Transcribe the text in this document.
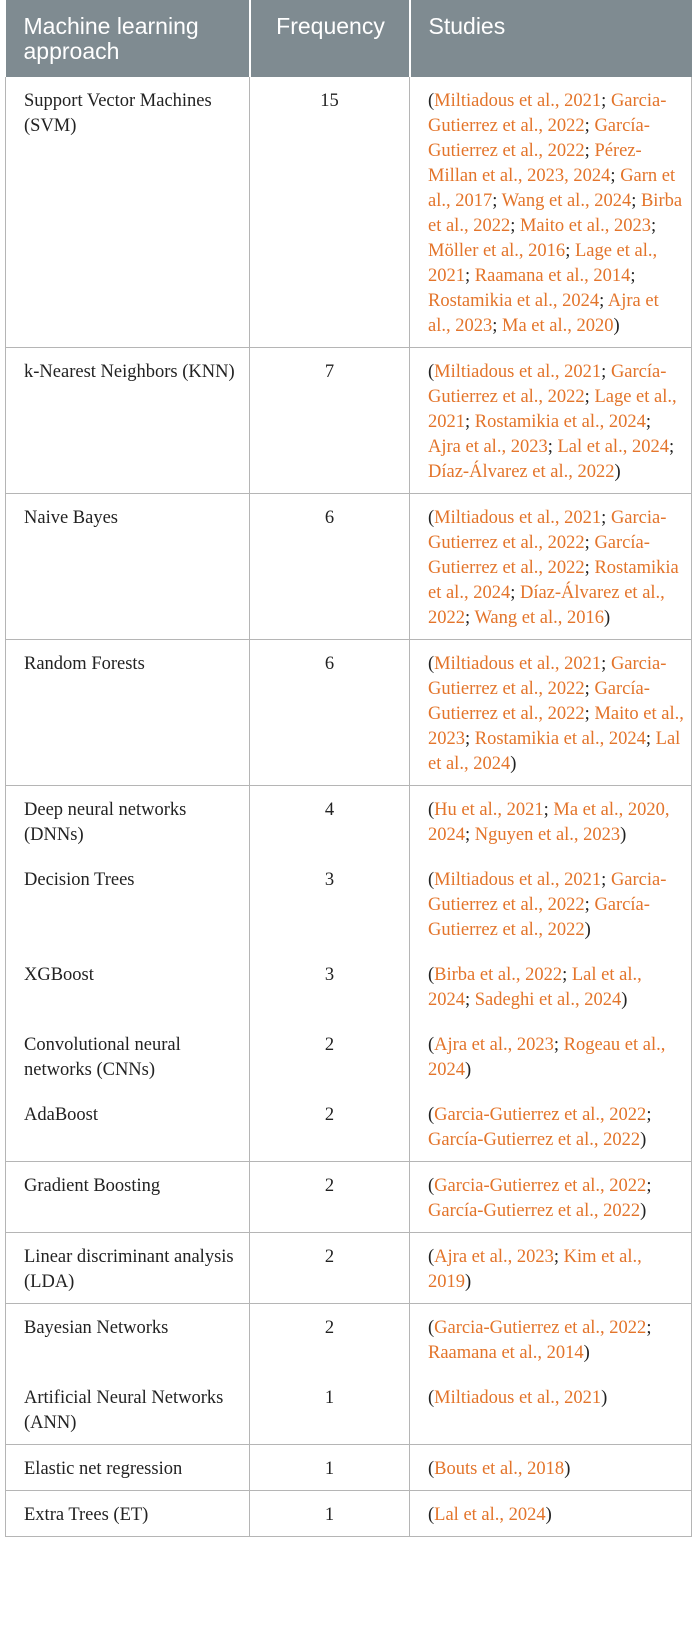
Machine learning approach	Frequency	Studies
Support Vector Machines (SVM)	15	(Miltiadous et al., 2021; Garcia-Gutierrez et al., 2022; García-Gutierrez et al., 2022; Pérez-Millan et al., 2023, 2024; Garn et al., 2017; Wang et al., 2024; Birba et al., 2022; Maito et al., 2023; Möller et al., 2016; Lage et al., 2021; Raamana et al., 2014; Rostamikia et al., 2024; Ajra et al., 2023; Ma et al., 2020)
k-Nearest Neighbors (KNN)	7	(Miltiadous et al., 2021; García-Gutierrez et al., 2022; Lage et al., 2021; Rostamikia et al., 2024; Ajra et al., 2023; Lal et al., 2024; Díaz-Álvarez et al., 2022)
Naive Bayes	6	(Miltiadous et al., 2021; Garcia-Gutierrez et al., 2022; García-Gutierrez et al., 2022; Rostamikia et al., 2024; Díaz-Álvarez et al., 2022; Wang et al., 2016)
Random Forests	6	(Miltiadous et al., 2021; Garcia-Gutierrez et al., 2022; García-Gutierrez et al., 2022; Maito et al., 2023; Rostamikia et al., 2024; Lal et al., 2024)
Deep neural networks (DNNs)	4	(Hu et al., 2021; Ma et al., 2020, 2024; Nguyen et al., 2023)
Decision Trees	3	(Miltiadous et al., 2021; Garcia-Gutierrez et al., 2022; García-Gutierrez et al., 2022)
XGBoost	3	(Birba et al., 2022; Lal et al., 2024; Sadeghi et al., 2024)
Convolutional neural networks (CNNs)	2	(Ajra et al., 2023; Rogeau et al., 2024)
AdaBoost	2	(Garcia-Gutierrez et al., 2022; García-Gutierrez et al., 2022)
Gradient Boosting	2	(Garcia-Gutierrez et al., 2022; García-Gutierrez et al., 2022)
Linear discriminant analysis (LDA)	2	(Ajra et al., 2023; Kim et al., 2019)
Bayesian Networks	2	(Garcia-Gutierrez et al., 2022; Raamana et al., 2014)
Artificial Neural Networks (ANN)	1	(Miltiadous et al., 2021)
Elastic net regression	1	(Bouts et al., 2018)
Extra Trees (ET)	1	(Lal et al., 2024)
